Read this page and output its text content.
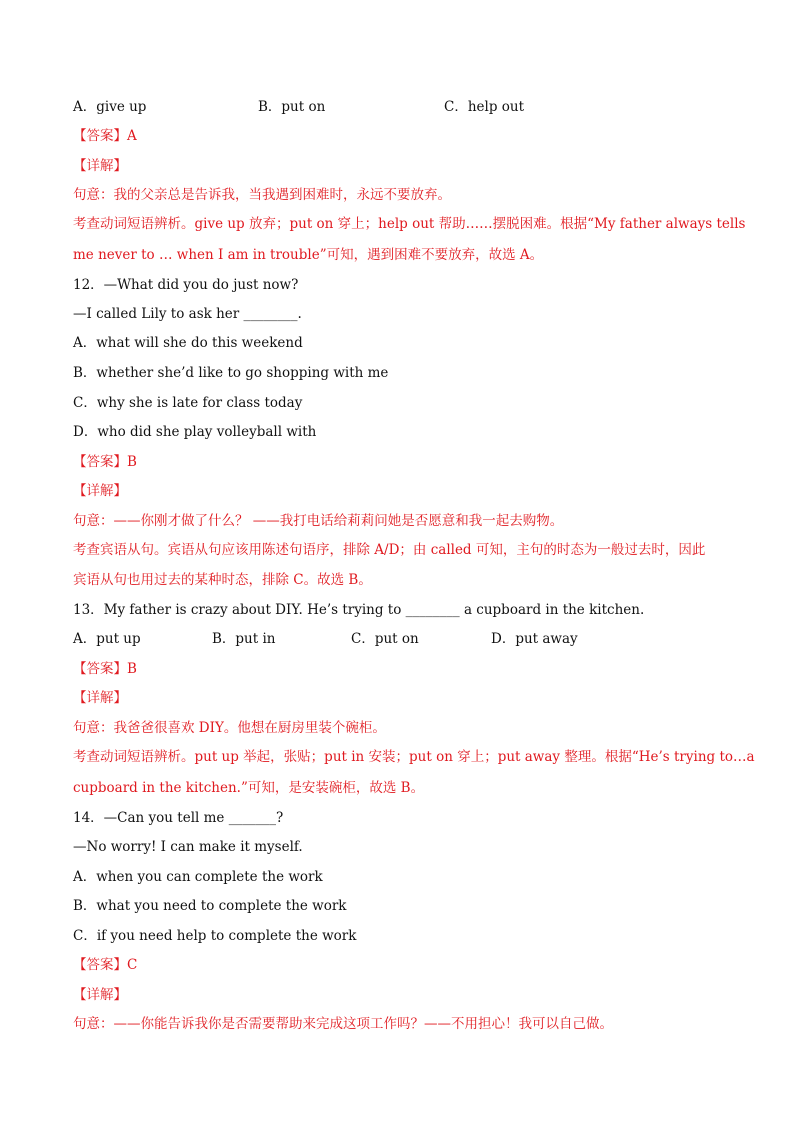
A．give up	B．put on	C．help out
【答案】A
【详解】
句意：我的父亲总是告诉我，当我遇到困难时，永远不要放弃。
考查动词短语辨析。give up 放弃；put on 穿上；help out 帮助……摆脱困难。根据“My father always tells
me never to … when I am in trouble”可知，遇到困难不要放弃，故选 A。
12．—What did you do just now?
—I called Lily to ask her ________.
A．what will she do this weekend
B．whether she’d like to go shopping with me
C．why she is late for class today
D．who did she play volleyball with
【答案】B
【详解】
句意：——你刚才做了什么？ ——我打电话给莉莉问她是否愿意和我一起去购物。
考查宾语从句。宾语从句应该用陈述句语序，排除 A/D；由 called 可知，主句的时态为一般过去时，因此
宾语从句也用过去的某种时态，排除 C。故选 B。
13．My father is crazy about DIY. He’s trying to ________ a cupboard in the kitchen.
A．put up	B．put in	C．put on	D．put away
【答案】B
【详解】
句意：我爸爸很喜欢 DIY。他想在厨房里装个碗柜。
考查动词短语辨析。put up 举起，张贴；put in 安装；put on 穿上；put away 整理。根据“He’s trying to…a
cupboard in the kitchen.”可知，是安装碗柜，故选 B。
14．—Can you tell me _______?
—No worry! I can make it myself.
A．when you can complete the work
B．what you need to complete the work
C．if you need help to complete the work
【答案】C
【详解】
句意：——你能告诉我你是否需要帮助来完成这项工作吗？——不用担心！我可以自己做。
